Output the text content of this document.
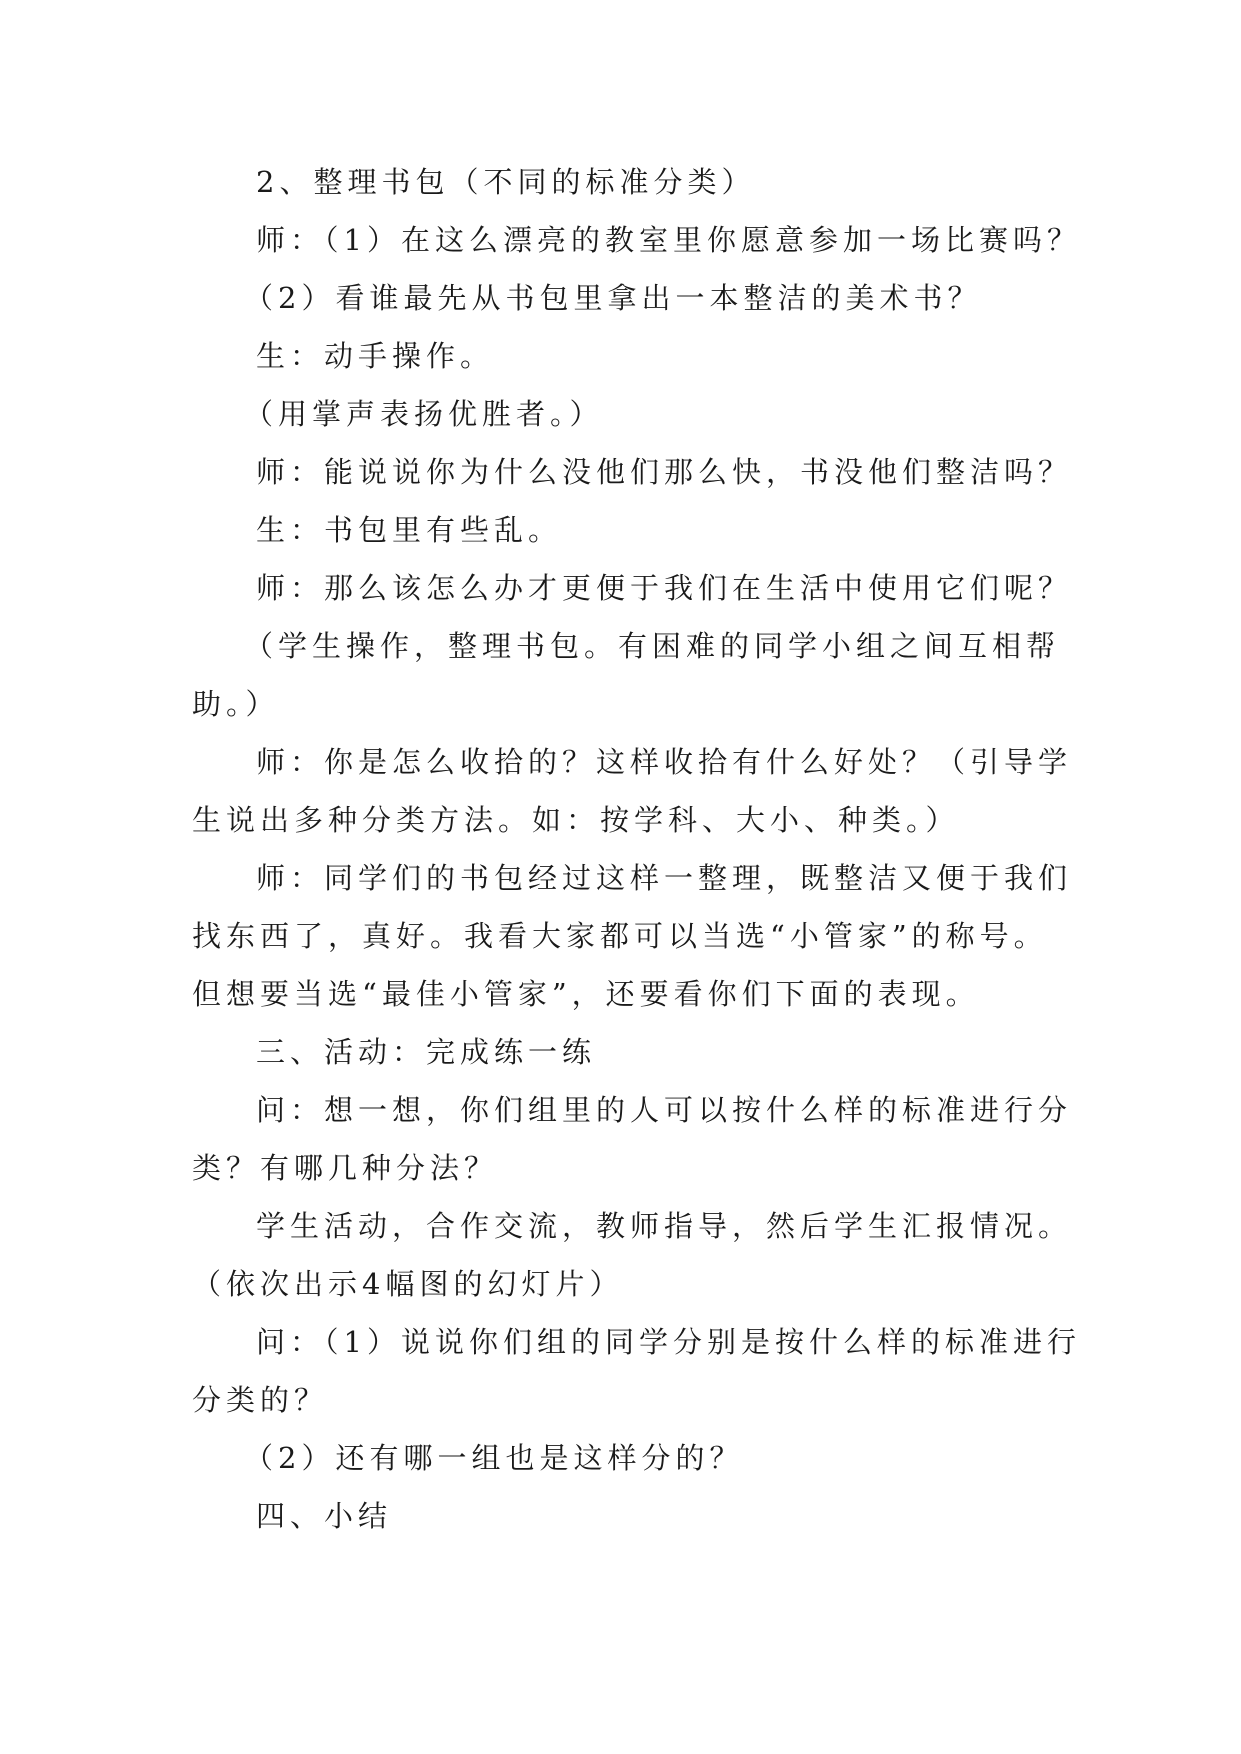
2、整理书包（不同的标准分类）
师：（1）在这么漂亮的教室里你愿意参加一场比赛吗？
（2）看谁最先从书包里拿出一本整洁的美术书？
生：动手操作。
（用掌声表扬优胜者。）
师：能说说你为什么没他们那么快，书没他们整洁吗？
生：书包里有些乱。
师：那么该怎么办才更便于我们在生活中使用它们呢？
（学生操作，整理书包。有困难的同学小组之间互相帮
助。）
师：你是怎么收拾的？这样收拾有什么好处？（引导学
生说出多种分类方法。如：按学科、大小、种类。）
师：同学们的书包经过这样一整理，既整洁又便于我们
找东西了，真好。我看大家都可以当选“小管家”的称号。
但想要当选“最佳小管家”，还要看你们下面的表现。
三、活动：完成练一练
问：想一想，你们组里的人可以按什么样的标准进行分
类？有哪几种分法？
学生活动，合作交流，教师指导，然后学生汇报情况。
（依次出示4幅图的幻灯片）
问：（1）说说你们组的同学分别是按什么样的标准进行
分类的？
（2）还有哪一组也是这样分的？
四、小结
